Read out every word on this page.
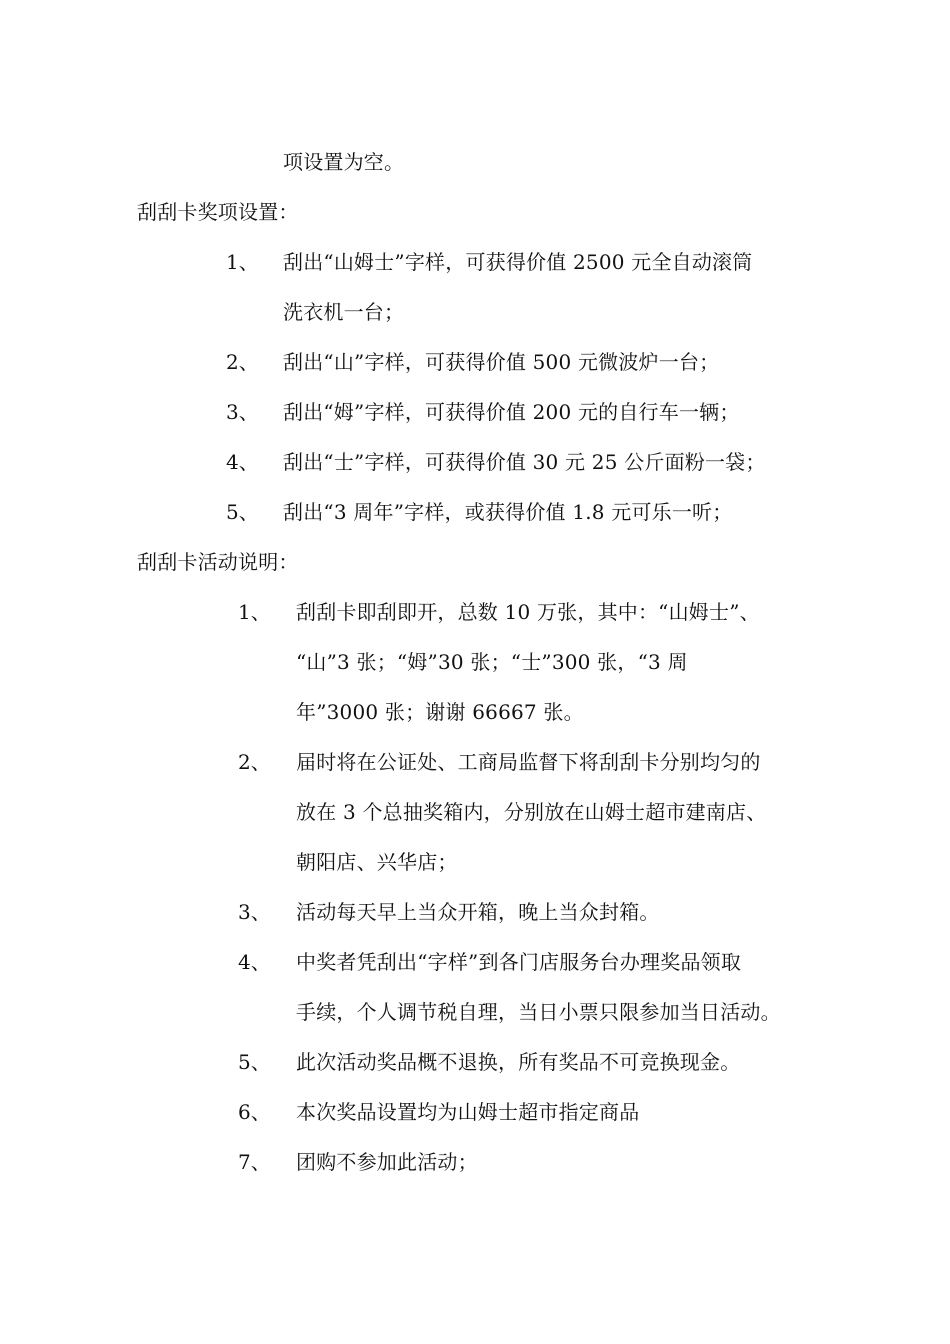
项设置为空。
刮刮卡奖项设置：
1、 刮出“山姆士”字样，可获得价值 2500 元全自动滚筒
洗衣机一台；
2、 刮出“山”字样，可获得价值 500 元微波炉一台；
3、 刮出“姆”字样，可获得价值 200 元的自行车一辆；
4、 刮出“士”字样，可获得价值 30 元 25 公斤面粉一袋；
5、 刮出“3 周年”字样，或获得价值 1.8 元可乐一听；
刮刮卡活动说明：
1、 刮刮卡即刮即开，总数 10 万张，其中：“山姆士”、
“山”3 张；“姆”30 张；“士”300 张，“3 周
年”3000 张；谢谢 66667 张。
2、 届时将在公证处、工商局监督下将刮刮卡分别均匀的
放在 3 个总抽奖箱内，分别放在山姆士超市建南店、
朝阳店、兴华店；
3、 活动每天早上当众开箱，晚上当众封箱。
4、 中奖者凭刮出“字样”到各门店服务台办理奖品领取
手续，个人调节税自理，当日小票只限参加当日活动。
5、 此次活动奖品概不退换，所有奖品不可竞换现金。
6、 本次奖品设置均为山姆士超市指定商品
7、 团购不参加此活动；
